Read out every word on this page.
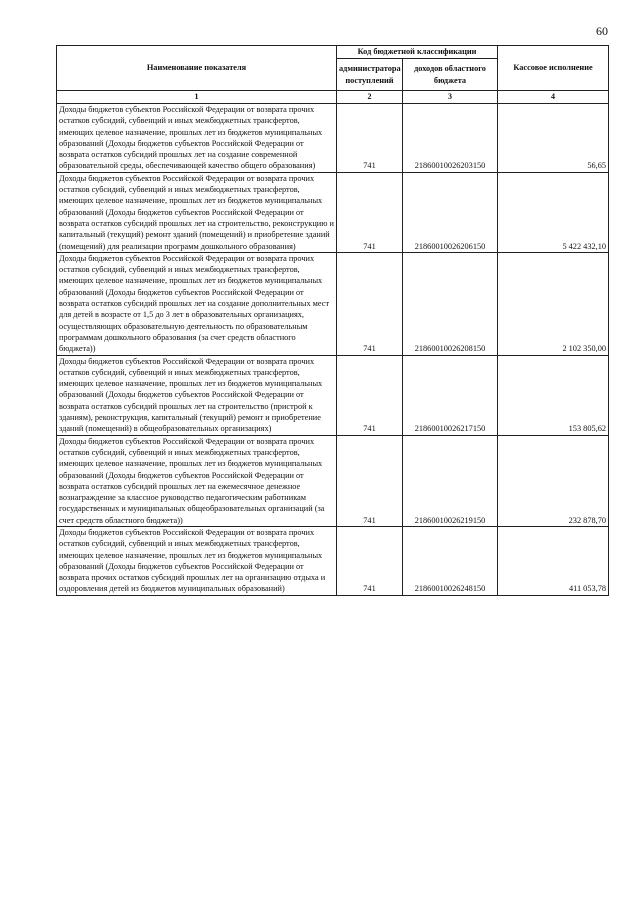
60
Наименование показателя	Код бюджетной классификации		Кассовое исполнение
	администратора поступлений	доходов областного бюджета	
1	2	3	4
Доходы бюджетов субъектов Российской Федерации от возврата прочих остатков субсидий, субвенций и иных межбюджетных трансфертов, имеющих целевое назначение, прошлых лет из бюджетов муниципальных образований (Доходы бюджетов субъектов Российской Федерации от возврата остатков субсидий прошлых лет на создание современной образовательной среды, обеспечивающей качество общего образования)	741	21860010026203150	56,65
Доходы бюджетов субъектов Российской Федерации от возврата прочих остатков субсидий, субвенций и иных межбюджетных трансфертов, имеющих целевое назначение, прошлых лет из бюджетов муниципальных образований (Доходы бюджетов субъектов Российской Федерации от возврата остатков субсидий прошлых лет на строительство, реконструкцию и капитальный (текущий) ремонт зданий (помещений) и приобретение зданий (помещений) для реализации программ дошкольного образования)	741	21860010026206150	5 422 432,10
Доходы бюджетов субъектов Российской Федерации от возврата прочих остатков субсидий, субвенций и иных межбюджетных трансфертов, имеющих целевое назначение, прошлых лет из бюджетов муниципальных образований (Доходы бюджетов субъектов Российской Федерации от возврата остатков субсидий прошлых лет на создание дополнительных мест для детей в возрасте от 1,5 до 3 лет в образовательных организациях, осуществляющих образовательную деятельность по образовательным программам дошкольного образования (за счет средств областного бюджета))	741	21860010026208150	2 102 350,00
Доходы бюджетов субъектов Российской Федерации от возврата прочих остатков субсидий, субвенций и иных межбюджетных трансфертов, имеющих целевое назначение, прошлых лет из бюджетов муниципальных образований (Доходы бюджетов субъектов Российской Федерации от возврата остатков субсидий прошлых лет на строительство (пристрой к зданиям), реконструкция, капитальный (текущий) ремонт и приобретение зданий (помещений) в общеобразовательных организациях)	741	21860010026217150	153 805,62
Доходы бюджетов субъектов Российской Федерации от возврата прочих остатков субсидий, субвенций и иных межбюджетных трансфертов, имеющих целевое назначение, прошлых лет из бюджетов муниципальных образований (Доходы бюджетов субъектов Российской Федерации от возврата остатков субсидий прошлых лет на ежемесячное денежное вознаграждение за классное руководство педагогическим работникам государственных и муниципальных общеобразовательных организаций (за счет средств областного бюджета))	741	21860010026219150	232 878,70
Доходы бюджетов субъектов Российской Федерации от возврата прочих остатков субсидий, субвенций и иных межбюджетных трансфертов, имеющих целевое назначение, прошлых лет из бюджетов муниципальных образований (Доходы бюджетов субъектов Российской Федерации от возврата прочих остатков субсидий прошлых лет на организацию отдыха и оздоровления детей из бюджетов муниципальных образований)	741	21860010026248150	411 053,78
